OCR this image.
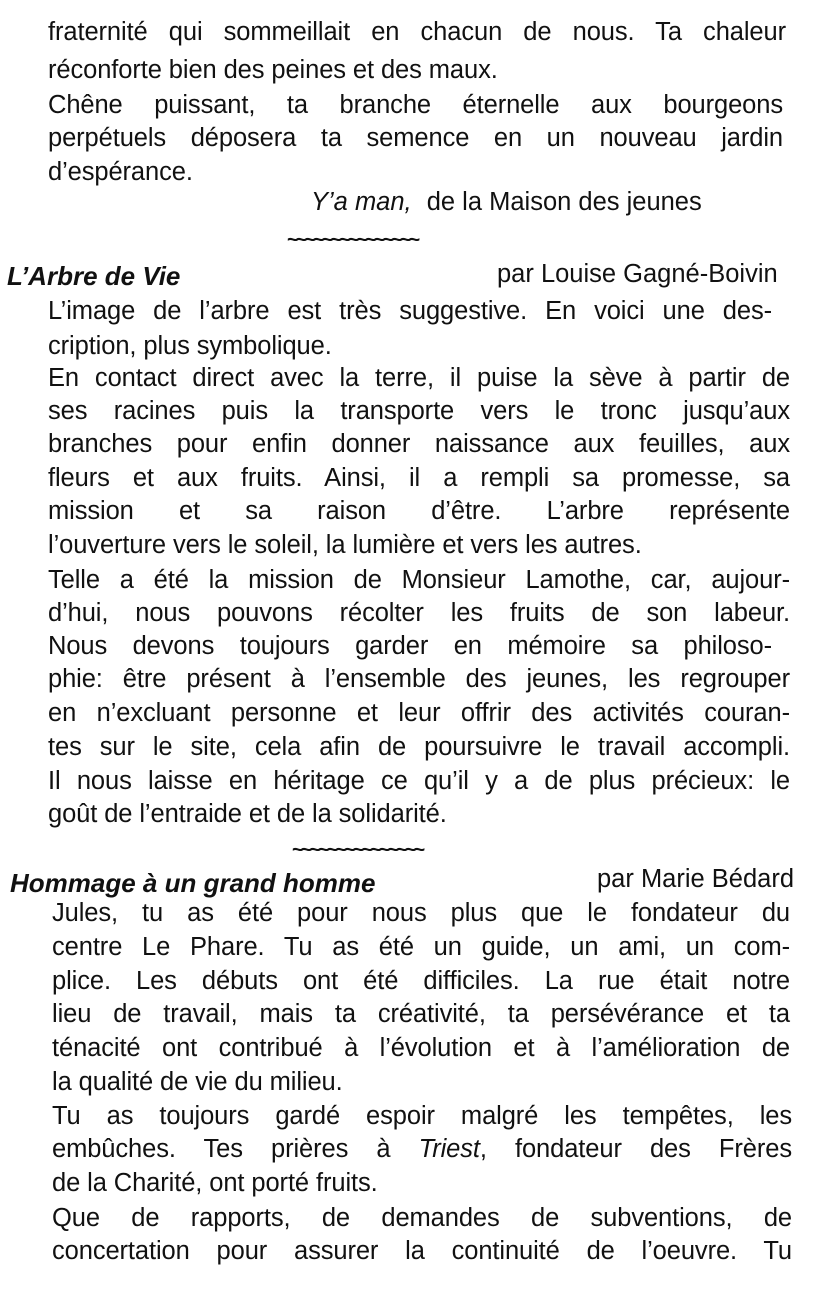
fraternité qui sommeillait en chacun de nous. Ta chaleur
réconforte bien des peines et des maux.
Chêne puissant, ta branche éternelle aux bourgeons
perpétuels déposera ta semence en un nouveau jardin
d’espérance.
Y’a man, de la Maison des jeunes
~~~~~~~~~~~~~~~
L’Arbre de Vie	par Louise Gagné-Boivin
L’image de l’arbre est très suggestive. En voici une des-
cription, plus symbolique.
En contact direct avec la terre, il puise la sève à partir de
ses racines puis la transporte vers le tronc jusqu’aux
branches pour enfin donner naissance aux feuilles, aux
fleurs et aux fruits. Ainsi, il a rempli sa promesse, sa
mission et sa raison d’être. L’arbre représente
l’ouverture vers le soleil, la lumière et vers les autres.
Telle a été la mission de Monsieur Lamothe, car, aujour-
d’hui, nous pouvons récolter les fruits de son labeur.
Nous devons toujours garder en mémoire sa philoso-
phie: être présent à l’ensemble des jeunes, les regrouper
en n’excluant personne et leur offrir des activités couran-
tes sur le site, cela afin de poursuivre le travail accompli.
Il nous laisse en héritage ce qu’il y a de plus précieux: le
goût de l’entraide et de la solidarité.
~~~~~~~~~~~~~~~
Hommage à un grand homme	par Marie Bédard
Jules, tu as été pour nous plus que le fondateur du
centre Le Phare. Tu as été un guide, un ami, un com-
plice. Les débuts ont été difficiles. La rue était notre
lieu de travail, mais ta créativité, ta persévérance et ta
ténacité ont contribué à l’évolution et à l’amélioration de
la qualité de vie du milieu.
Tu as toujours gardé espoir malgré les tempêtes, les
embûches. Tes prières à Triest, fondateur des Frères
de la Charité, ont porté fruits.
Que de rapports, de demandes de subventions, de
concertation pour assurer la continuité de l’oeuvre. Tu
